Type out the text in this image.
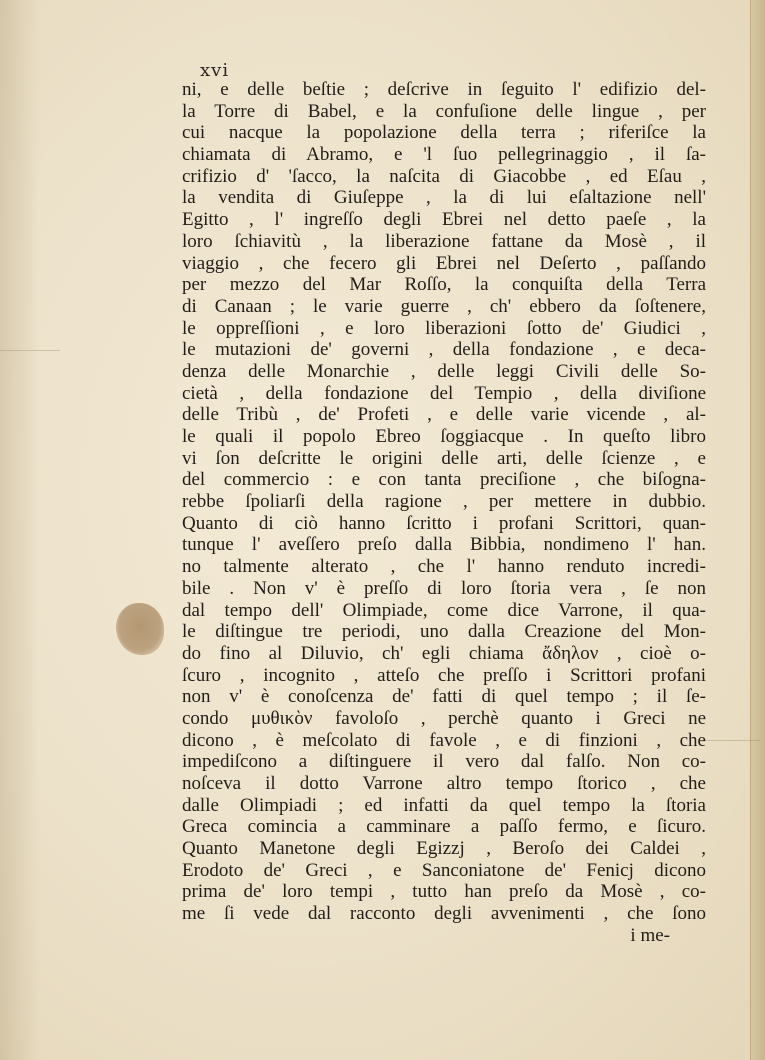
xvi
ni, e delle beſtie ; deſcrive in ſeguito l' edifizio del-
la Torre di Babel, e la confuſione delle lingue , per
cui nacque la popolazione della terra ; riferiſce la
chiamata di Abramo, e 'l ſuo pellegrinaggio , il ſa-
crifizio d' 'ſacco, la naſcita di Giacobbe , ed Eſau ,
la vendita di Giuſeppe , la di lui eſaltazione nell'
Egitto , l' ingreſſo degli Ebrei nel detto paeſe , la
loro ſchiavitù , la liberazione fattane da Mosè , il
viaggio , che fecero gli Ebrei nel Deſerto , paſſando
per mezzo del Mar Roſſo, la conquiſta della Terra
di Canaan ; le varie guerre , ch' ebbero da ſoſtenere,
le oppreſſioni , e loro liberazioni ſotto de' Giudici ,
le mutazioni de' governi , della fondazione , e deca-
denza delle Monarchie , delle leggi Civili delle So-
cietà , della fondazione del Tempio , della diviſione
delle Tribù , de' Profeti , e delle varie vicende , al-
le quali il popolo Ebreo ſoggiacque . In queſto libro
vi ſon deſcritte le origini delle arti, delle ſcienze , e
del commercio : e con tanta preciſione , che biſogna-
rebbe ſpoliarſi della ragione , per mettere in dubbio.
Quanto di ciò hanno ſcritto i profani Scrittori, quan-
tunque l' aveſſero preſo dalla Bibbia, nondimeno l' han.
no talmente alterato , che l' hanno renduto incredi-
bile . Non v' è preſſo di loro ſtoria vera , ſe non
dal tempo dell' Olimpiade, come dice Varrone, il qua-
le diſtingue tre periodi, uno dalla Creazione del Mon-
do fino al Diluvio, ch' egli chiama ἄδηλον , cioè o-
ſcuro , incognito , atteſo che preſſo i Scrittori profani
non v' è conoſcenza de' fatti di quel tempo ; il ſe-
condo μυθικὸν favoloſo , perchè quanto i Greci ne
dicono , è meſcolato di favole , e di finzioni , che
impediſcono a diſtinguere il vero dal falſo. Non co-
noſceva il dotto Varrone altro tempo ſtorico , che
dalle Olimpiadi ; ed infatti da quel tempo la ſtoria
Greca comincia a camminare a paſſo fermo, e ſicuro.
Quanto Manetone degli Egizzj , Beroſo dei Caldei ,
Erodoto de' Greci , e Sanconiatone de' Fenicj dicono
prima de' loro tempi , tutto han preſo da Mosè , co-
me ſi vede dal racconto degli avvenimenti , che ſono
i me-
